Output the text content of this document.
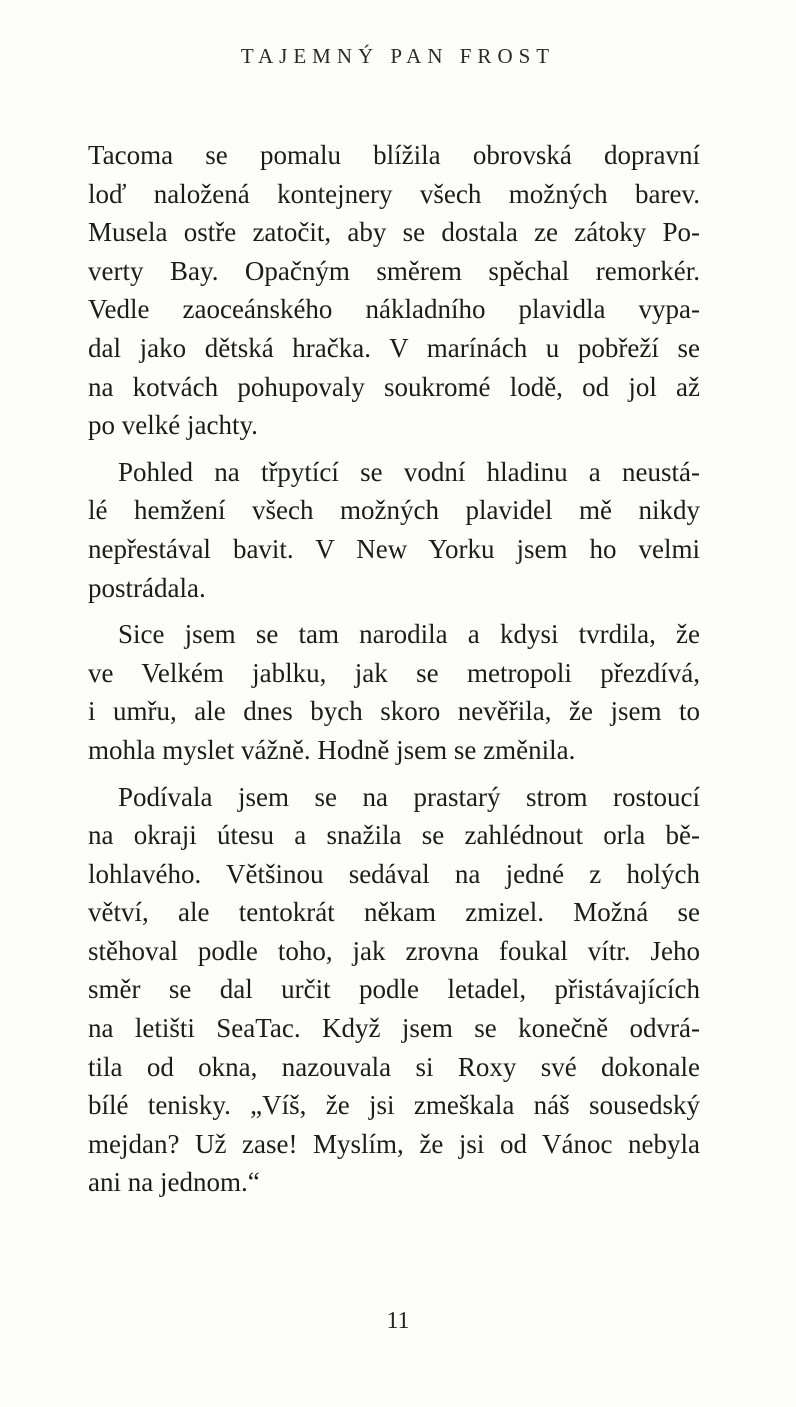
TAJEMNÝ PAN FROST
Tacoma se pomalu blížila obrovská dopravní
loď naložená kontejnery všech možných barev.
Musela ostře zatočit, aby se dostala ze zátoky Po-
verty Bay. Opačným směrem spěchal remorkér.
Vedle zaoceánského nákladního plavidla vypa-
dal jako dětská hračka. V marínách u pobřeží se
na kotvách pohupovaly soukromé lodě, od jol až
po velké jachty.
Pohled na třpytící se vodní hladinu a neustá-
lé hemžení všech možných plavidel mě nikdy
nepřestával bavit. V New Yorku jsem ho velmi
postrádala.
Sice jsem se tam narodila a kdysi tvrdila, že
ve Velkém jablku, jak se metropoli přezdívá,
i umřu, ale dnes bych skoro nevěřila, že jsem to
mohla myslet vážně. Hodně jsem se změnila.
Podívala jsem se na prastarý strom rostoucí
na okraji útesu a snažila se zahlédnout orla bě-
lohlavého. Většinou sedával na jedné z holých
větví, ale tentokrát někam zmizel. Možná se
stěhoval podle toho, jak zrovna foukal vítr. Jeho
směr se dal určit podle letadel, přistávajících
na letišti SeaTac. Když jsem se konečně odvrá-
tila od okna, nazouvala si Roxy své dokonale
bílé tenisky. „Víš, že jsi zmeškala náš sousedský
mejdan? Už zase! Myslím, že jsi od Vánoc nebyla
ani na jednom.“
11
